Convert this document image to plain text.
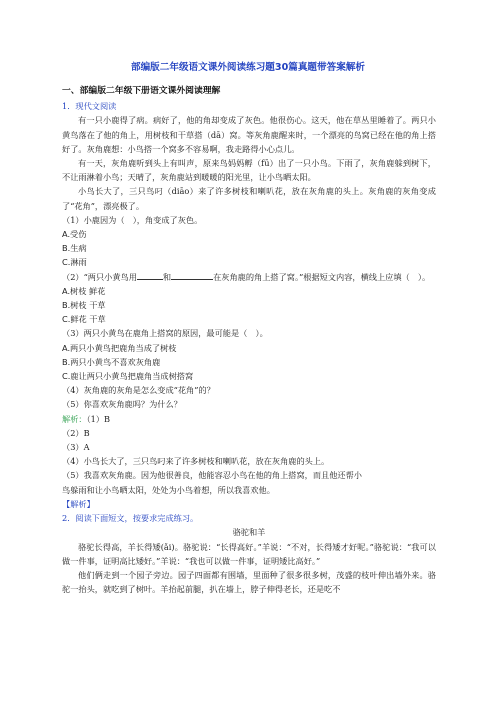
部编版二年级语文课外阅读练习题30篇真题带答案解析
一、部编版二年级下册语文课外阅读理解
1．现代文阅读

有一只小鹿得了病。病好了，他的角却变成了灰色。他很伤心。这天，他在草丛里睡着了。两只小黄鸟落在了他的角上，用树枝和干草搭（dā）窝。等灰角鹿醒来时，一个漂亮的鸟窝已经在他的角上搭好了。灰角鹿想：小鸟搭一个窝多不容易啊，我走路得小心点儿。

有一天，灰角鹿听到头上有叫声，原来鸟妈妈孵（fū）出了一只小鸟。下雨了，灰角鹿躲到树下，不让雨淋着小鸟；天晴了，灰角鹿站到暖暖的阳光里，让小鸟晒太阳。

小鸟长大了，三只鸟叼（diāo）来了许多树枝和喇叭花，放在灰角鹿的头上。灰角鹿的灰角变成了“花角”，漂亮极了。

（1）小鹿因为（　），角变成了灰色。
A.受伤
B.生病
C.淋雨
（2）“两只小黄鸟用	和	在灰角鹿的角上搭了窝。”根据短文内容，横线上应填（　）。
A.树枝 鲜花
B.树枝 干草
C.鲜花 干草
（3）两只小黄鸟在鹿角上搭窝的原因，最可能是（　）。
A.两只小黄鸟把鹿角当成了树枝
B.两只小黄鸟不喜欢灰角鹿
C.鹿让两只小黄鸟把鹿角当成树搭窝
（4）灰角鹿的灰角是怎么变成“花角”的？
（5）你喜欢灰角鹿吗？为什么？
解析：（1）B
（2）B
（3）A
（4）小鸟长大了，三只鸟叼来了许多树枝和喇叭花，放在灰角鹿的头上。
（5）我喜欢灰角鹿。因为他很善良，他能容忍小鸟在他的角上搭窝，而且他还帮小
鸟躲雨和让小鸟晒太阳，处处为小鸟着想，所以我喜欢他。
【解析】
2．阅读下面短文，按要求完成练习。
骆驼和羊

骆驼长得高，羊长得矮(ǎi)。骆驼说：“长得高好。”羊说：“不对，长得矮才好呢。”骆驼说：“我可以做一件事，证明高比矮好。”羊说：“我也可以做一件事，证明矮比高好。”

他们俩走到一个园子旁边。园子四面都有围墙，里面种了很多很多树，茂盛的枝叶伸出墙外来。骆驼一抬头，就吃到了树叶。羊抬起前腿，扒在墙上，脖子伸得老长，还是吃不
